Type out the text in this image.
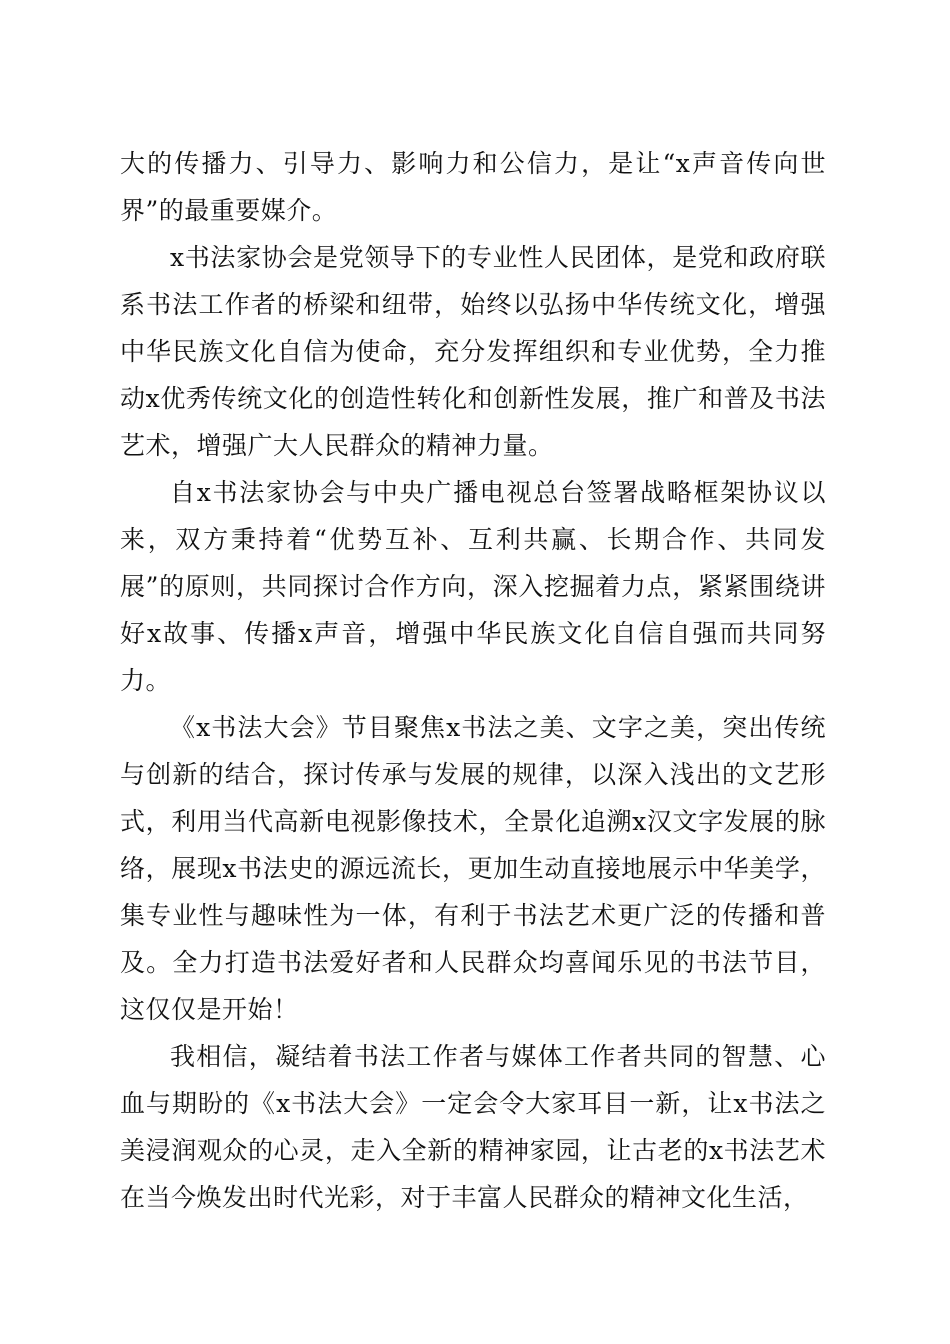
大的传播力、引导力、影响力和公信力，是让“x声音传向世界”的最重要媒介。

x书法家协会是党领导下的专业性人民团体，是党和政府联系书法工作者的桥梁和纽带，始终以弘扬中华传统文化，增强中华民族文化自信为使命，充分发挥组织和专业优势，全力推动x优秀传统文化的创造性转化和创新性发展，推广和普及书法艺术，增强广大人民群众的精神力量。

自x书法家协会与中央广播电视总台签署战略框架协议以来，双方秉持着“优势互补、互利共赢、长期合作、共同发展”的原则，共同探讨合作方向，深入挖掘着力点，紧紧围绕讲好x故事、传播x声音，增强中华民族文化自信自强而共同努力。

《x书法大会》节目聚焦x书法之美、文字之美，突出传统与创新的结合，探讨传承与发展的规律，以深入浅出的文艺形式，利用当代高新电视影像技术，全景化追溯x汉文字发展的脉络，展现x书法史的源远流长，更加生动直接地展示中华美学，集专业性与趣味性为一体，有利于书法艺术更广泛的传播和普及。全力打造书法爱好者和人民群众均喜闻乐见的书法节目，这仅仅是开始！

我相信，凝结着书法工作者与媒体工作者共同的智慧、心血与期盼的《x书法大会》一定会令大家耳目一新，让x书法之美浸润观众的心灵，走入全新的精神家园，让古老的x书法艺术在当今焕发出时代光彩，对于丰富人民群众的精神文化生活，
